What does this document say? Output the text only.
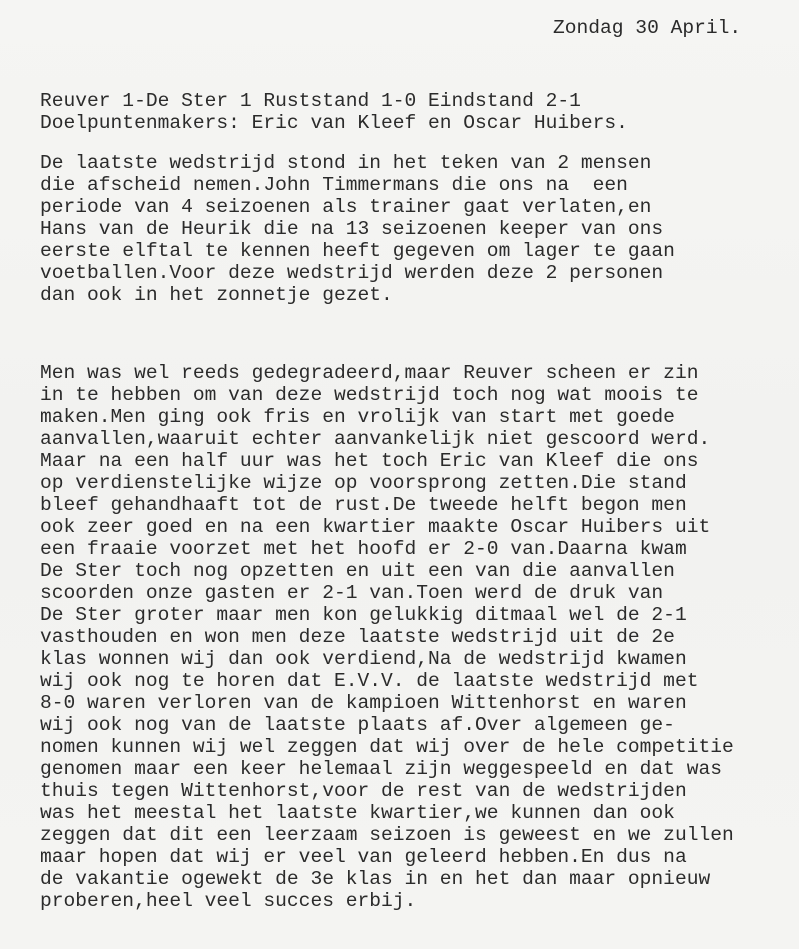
Zondag 30 April.
Reuver 1-De Ster 1 Ruststand 1-0 Eindstand 2-1
Doelpuntenmakers: Eric van Kleef en Oscar Huibers.
De laatste wedstrijd stond in het teken van 2 mensen
die afscheid nemen.John Timmermans die ons na  een
periode van 4 seizoenen als trainer gaat verlaten,en
Hans van de Heurik die na 13 seizoenen keeper van ons
eerste elftal te kennen heeft gegeven om lager te gaan
voetballen.Voor deze wedstrijd werden deze 2 personen
dan ook in het zonnetje gezet.
Men was wel reeds gedegradeerd,maar Reuver scheen er zin
in te hebben om van deze wedstrijd toch nog wat moois te
maken.Men ging ook fris en vrolijk van start met goede
aanvallen,waaruit echter aanvankelijk niet gescoord werd.
Maar na een half uur was het toch Eric van Kleef die ons
op verdienstelijke wijze op voorsprong zetten.Die stand
bleef gehandhaaft tot de rust.De tweede helft begon men
ook zeer goed en na een kwartier maakte Oscar Huibers uit
een fraaie voorzet met het hoofd er 2-0 van.Daarna kwam
De Ster toch nog opzetten en uit een van die aanvallen
scoorden onze gasten er 2-1 van.Toen werd de druk van
De Ster groter maar men kon gelukkig ditmaal wel de 2-1
vasthouden en won men deze laatste wedstrijd uit de 2e
klas wonnen wij dan ook verdiend,Na de wedstrijd kwamen
wij ook nog te horen dat E.V.V. de laatste wedstrijd met
8-0 waren verloren van de kampioen Wittenhorst en waren
wij ook nog van de laatste plaats af.Over algemeen ge-
nomen kunnen wij wel zeggen dat wij over de hele competitie
genomen maar een keer helemaal zijn weggespeeld en dat was
thuis tegen Wittenhorst,voor de rest van de wedstrijden
was het meestal het laatste kwartier,we kunnen dan ook
zeggen dat dit een leerzaam seizoen is geweest en we zullen
maar hopen dat wij er veel van geleerd hebben.En dus na
de vakantie ogewekt de 3e klas in en het dan maar opnieuw
proberen,heel veel succes erbij.
